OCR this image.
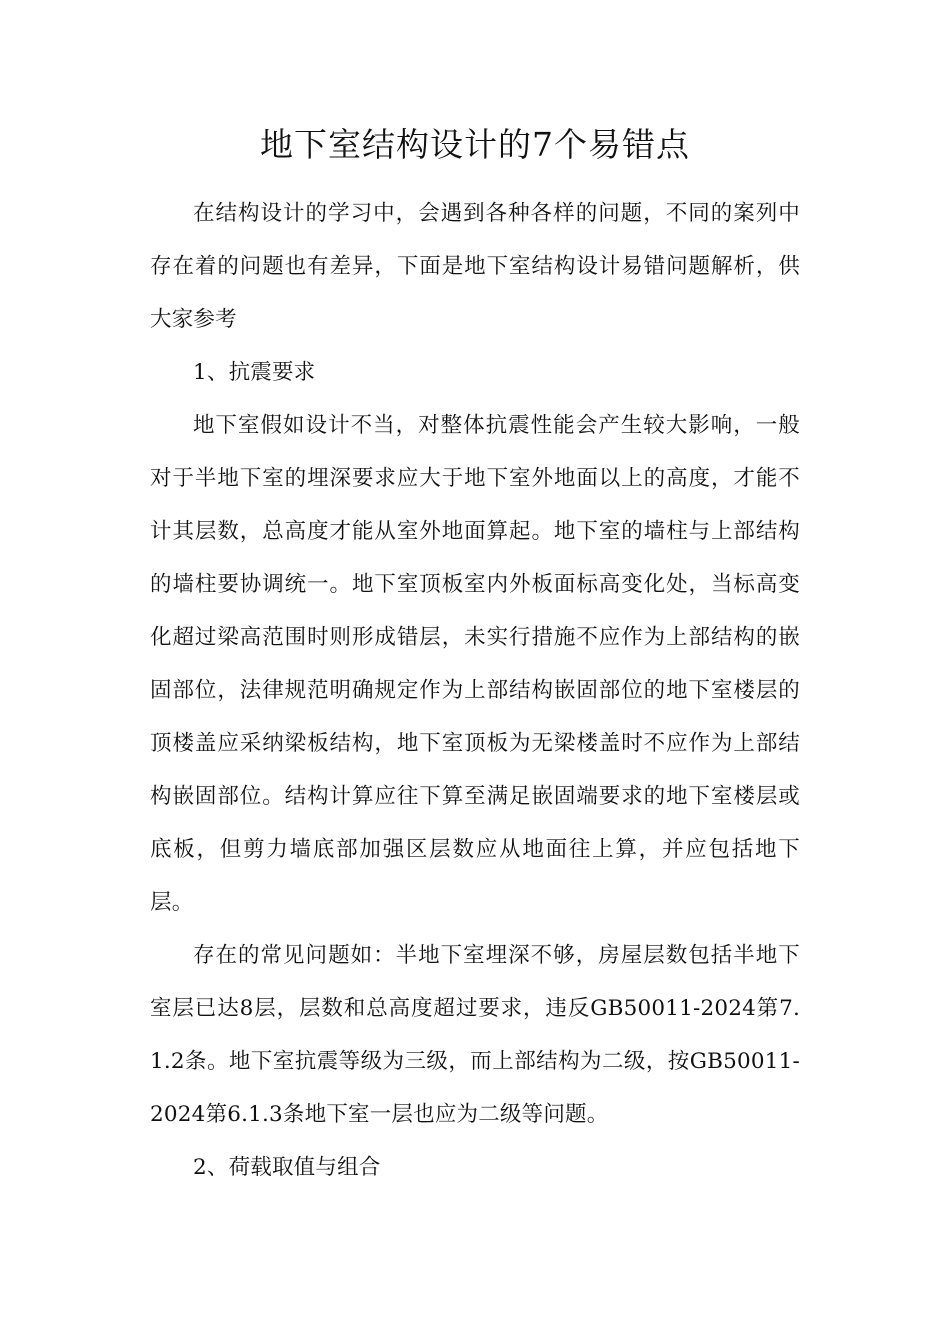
地下室结构设计的7个易错点

在结构设计的学习中，会遇到各种各样的问题，不同的案列中存在着的问题也有差异，下面是地下室结构设计易错问题解析，供大家参考

1、抗震要求

地下室假如设计不当，对整体抗震性能会产生较大影响，一般对于半地下室的埋深要求应大于地下室外地面以上的高度，才能不计其层数，总高度才能从室外地面算起。地下室的墙柱与上部结构的墙柱要协调统一。地下室顶板室内外板面标高变化处，当标高变化超过梁高范围时则形成错层，未实行措施不应作为上部结构的嵌固部位，法律规范明确规定作为上部结构嵌固部位的地下室楼层的顶楼盖应采纳梁板结构，地下室顶板为无梁楼盖时不应作为上部结构嵌固部位。结构计算应往下算至满足嵌固端要求的地下室楼层或底板，但剪力墙底部加强区层数应从地面往上算，并应包括地下层。

存在的常见问题如：半地下室埋深不够，房屋层数包括半地下室层已达8层，层数和总高度超过要求，违反GB50011-2024第7.1.2条。地下室抗震等级为三级，而上部结构为二级，按GB50011-2024第6.1.3条地下室一层也应为二级等问题。

2、荷载取值与组合
